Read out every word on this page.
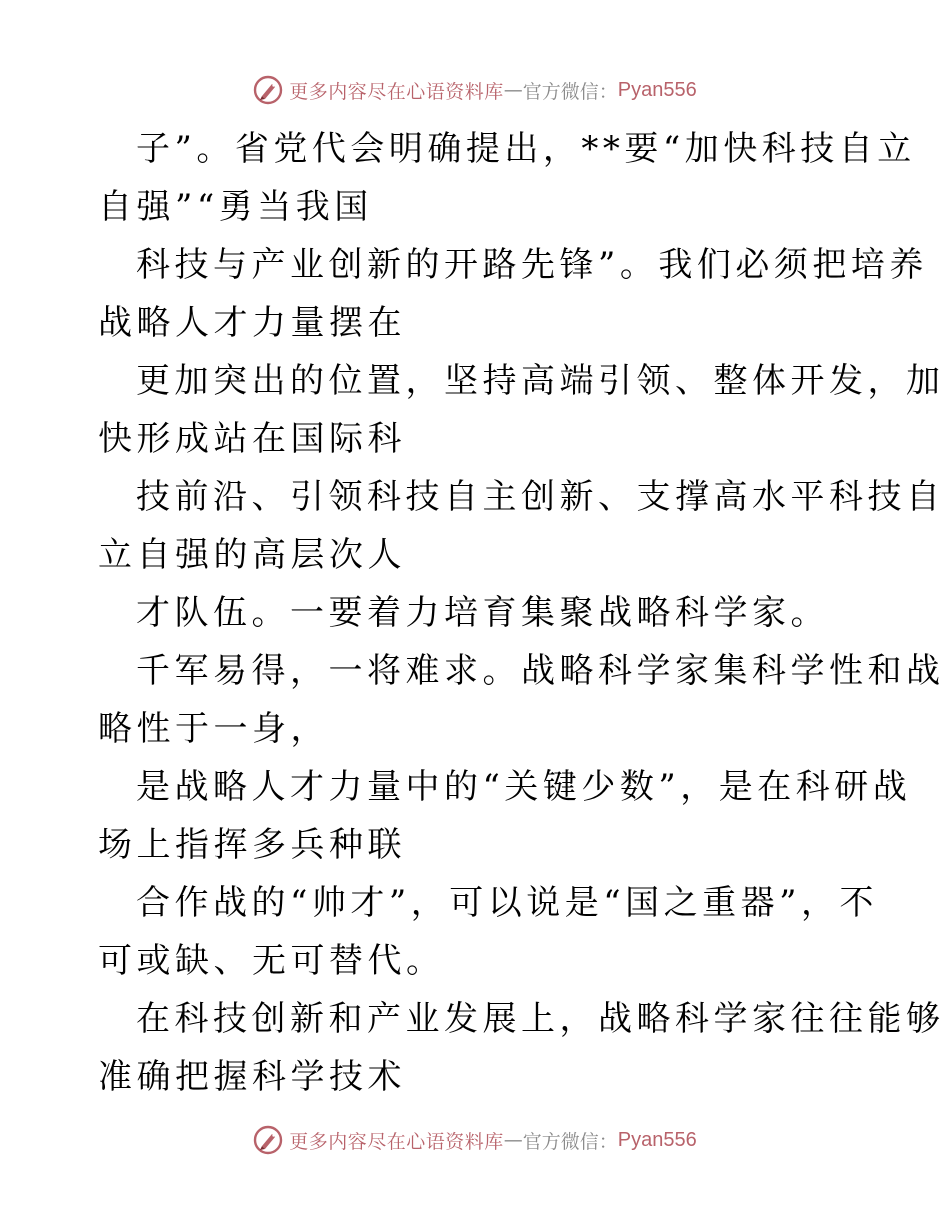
更多内容尽在心语资料库 — 官方微信： Pyan556

子”。省党代会明确提出，**要“加快科技自立

自强”“勇当我国

科技与产业创新的开路先锋”。我们必须把培养

战略人才力量摆在

更加突出的位置，坚持高端引领、整体开发，加

快形成站在国际科

技前沿、引领科技自主创新、支撑高水平科技自

立自强的高层次人

才队伍。一要着力培育集聚战略科学家。

千军易得，一将难求。战略科学家集科学性和战

略性于一身，

是战略人才力量中的“关键少数”，是在科研战

场上指挥多兵种联

合作战的“帅才”，可以说是“国之重器”，不

可或缺、无可替代。

在科技创新和产业发展上，战略科学家往往能够

准确把握科学技术

更多内容尽在心语资料库 — 官方微信： Pyan556
